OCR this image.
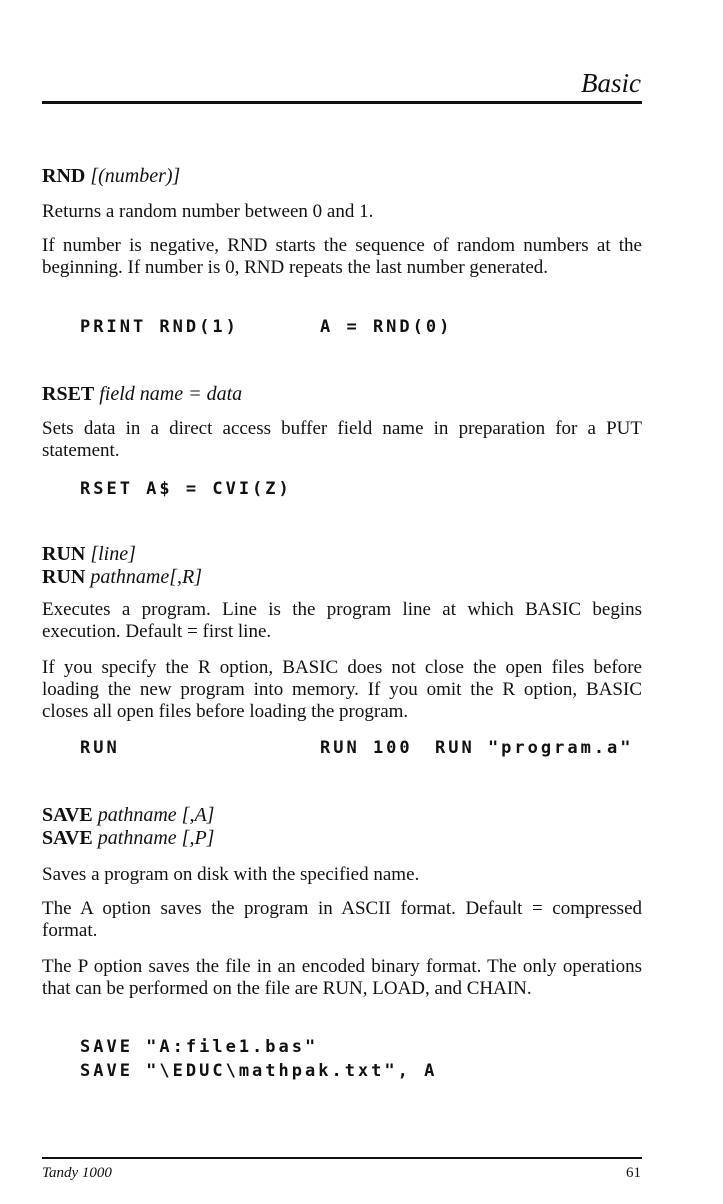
Basic
RND [(number)]
Returns a random number between 0 and 1.
If number is negative, RND starts the sequence of random numbers at the beginning. If number is 0, RND repeats the last number generated.
PRINT RND(1)	A = RND(0)
RSET field name = data
Sets data in a direct access buffer field name in preparation for a PUT statement.
RSET A$ = CVI(Z)
RUN [line]
RUN pathname[,R]
Executes a program. Line is the program line at which BASIC begins execution. Default = first line.
If you specify the R option, BASIC does not close the open files before loading the new program into memory. If you omit the R option, BASIC closes all open files before loading the program.
RUN	RUN 100 RUN "program.a"
SAVE pathname [,A]
SAVE pathname [,P]
Saves a program on disk with the specified name.
The A option saves the program in ASCII format. Default = compressed format.
The P option saves the file in an encoded binary format. The only operations that can be performed on the file are RUN, LOAD, and CHAIN.
SAVE "A:file1.bas"
SAVE "\EDUC\mathpak.txt", A
Tandy 1000	61
